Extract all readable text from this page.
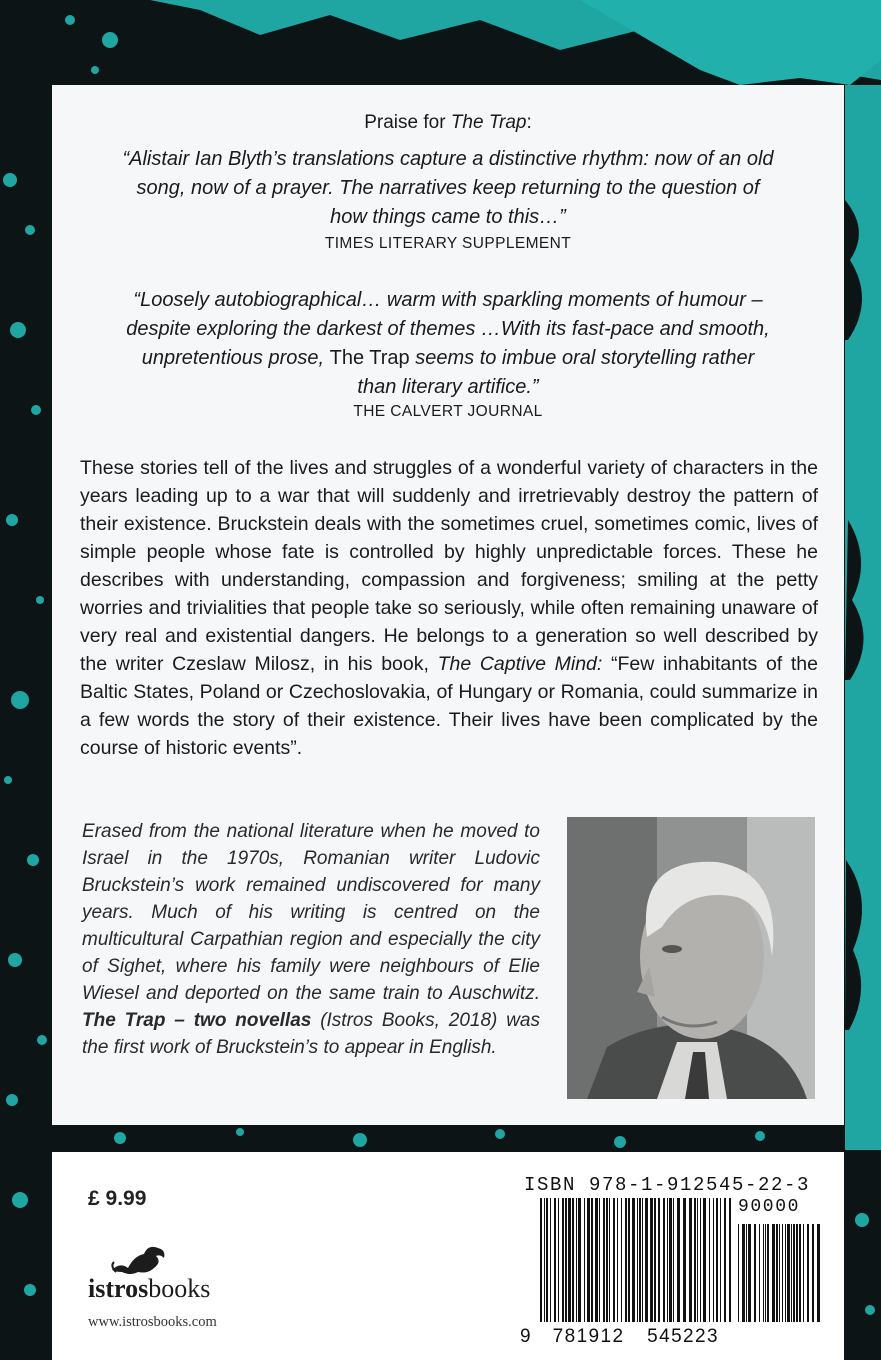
Praise for The Trap:
“Alistair Ian Blyth’s translations capture a distinctive rhythm: now of an old song, now of a prayer. The narratives keep returning to the question of how things came to this…”
TIMES LITERARY SUPPLEMENT
“Loosely autobiographical… warm with sparkling moments of humour – despite exploring the darkest of themes …With its fast-pace and smooth, unpretentious prose, The Trap seems to imbue oral storytelling rather than literary artifice.”
THE CALVERT JOURNAL
These stories tell of the lives and struggles of a wonderful variety of characters in the years leading up to a war that will suddenly and irretrievably destroy the pattern of their existence. Bruckstein deals with the sometimes cruel, sometimes comic, lives of simple people whose fate is controlled by highly unpredictable forces. These he describes with understanding, compassion and forgiveness; smiling at the petty worries and trivialities that people take so seriously, while often remaining unaware of very real and existential dangers. He belongs to a generation so well described by the writer Czeslaw Milosz, in his book, The Captive Mind: “Few inhabitants of the Baltic States, Poland or Czechoslovakia, of Hungary or Romania, could summarize in a few words the story of their existence. Their lives have been complicated by the course of historic events”.
Erased from the national literature when he moved to Israel in the 1970s, Romanian writer Ludovic Bruckstein’s work remained undiscovered for many years. Much of his writing is centred on the multicultural Carpathian region and especially the city of Sighet, where his family were neighbours of Elie Wiesel and deported on the same train to Auschwitz. The Trap – two novellas (Istros Books, 2018) was the first work of Bruckstein’s to appear in English.
£ 9.99
istrosbooks
www.istrosbooks.com
ISBN 978-1-912545-22-3
90000
9 781912 545223
